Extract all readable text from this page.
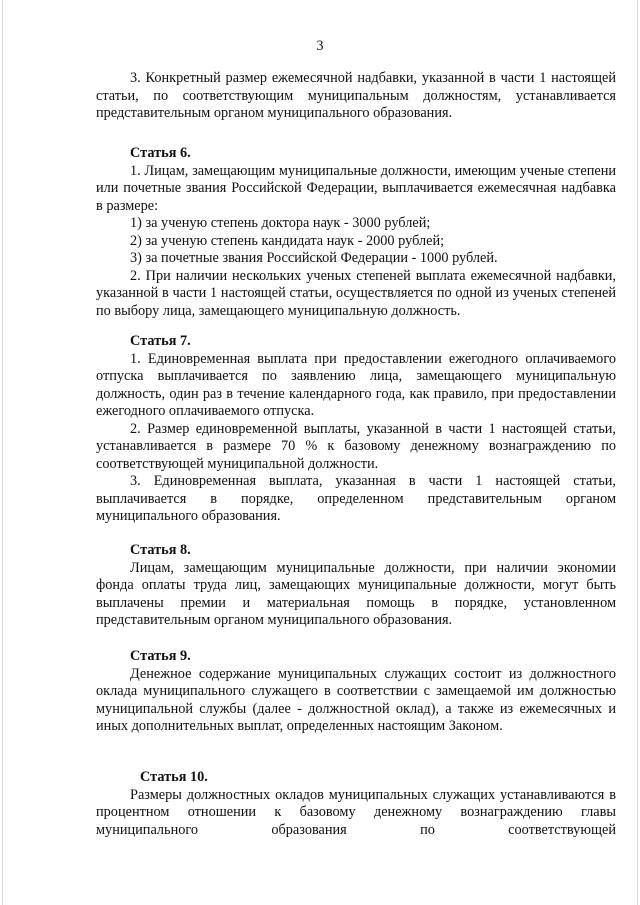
3
3. Конкретный размер ежемесячной надбавки, указанной в части 1 настоящей статьи, по соответствующим муниципальным должностям, устанавливается представительным органом муниципального образования.
Статья 6.
1. Лицам, замещающим муниципальные должности, имеющим ученые степени или почетные звания Российской Федерации, выплачивается ежемесячная надбавка в размере:
1) за ученую степень доктора наук - 3000 рублей;
2) за ученую степень кандидата наук - 2000 рублей;
3) за почетные звания Российской Федерации - 1000 рублей.
2. При наличии нескольких ученых степеней выплата ежемесячной надбавки, указанной в части 1 настоящей статьи, осуществляется по одной из ученых степеней по выбору лица, замещающего муниципальную должность.
Статья 7.
1. Единовременная выплата при предоставлении ежегодного оплачиваемого отпуска выплачивается по заявлению лица, замещающего муниципальную должность, один раз в течение календарного года, как правило, при предоставлении ежегодного оплачиваемого отпуска.
2. Размер единовременной выплаты, указанной в части 1 настоящей статьи, устанавливается в размере 70 % к базовому денежному вознаграждению по соответствующей муниципальной должности.
3. Единовременная выплата, указанная в части 1 настоящей статьи, выплачивается в порядке, определенном представительным органом муниципального образования.
Статья 8.
Лицам, замещающим муниципальные должности, при наличии экономии фонда оплаты труда лиц, замещающих муниципальные должности, могут быть выплачены премии и материальная помощь в порядке, установленном представительным органом муниципального образования.
Статья 9.
Денежное содержание муниципальных служащих состоит из должностного оклада муниципального служащего в соответствии с замещаемой им должностью муниципальной службы (далее - должностной оклад), а также из ежемесячных и иных дополнительных выплат, определенных настоящим Законом.
Статья 10.
Размеры должностных окладов муниципальных служащих устанавливаются в процентном отношении к базовому денежному вознаграждению главы муниципального образования по соответствующей
